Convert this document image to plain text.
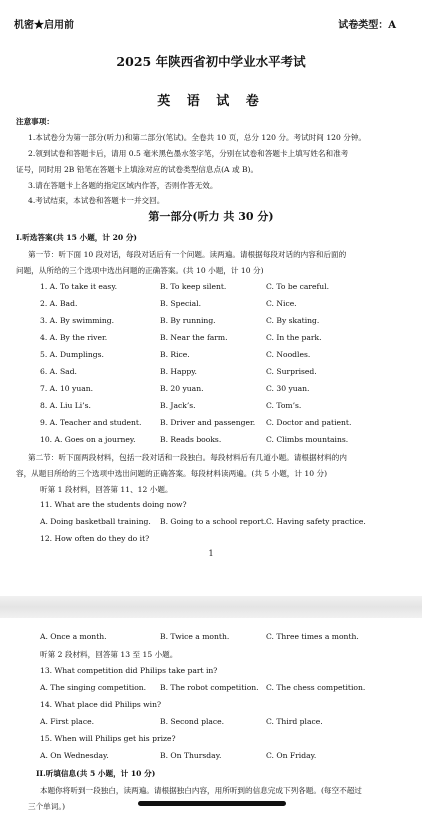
机密★启用前	试卷类型：A
2025 年陕西省初中学业水平考试
英 语 试 卷
注意事项：
1.本试卷分为第一部分(听力)和第二部分(笔试)。全卷共 10 页，总分 120 分。考试时间 120 分钟。
2.领到试卷和答题卡后，请用 0.5 毫米黑色墨水签字笔，分别在试卷和答题卡上填写姓名和准考
证号，同时用 2B 铅笔在答题卡上填涂对应的试卷类型信息点(A 或 B)。
3.请在答题卡上各题的指定区域内作答，否则作答无效。
4.考试结束，本试卷和答题卡一并交回。
第一部分(听力 共 30 分)
I.听选答案(共 15 小题，计 20 分)
第一节：听下面 10 段对话，每段对话后有一个问题。读两遍。请根据每段对话的内容和后面的
问题，从所给的三个选项中选出问题的正确答案。(共 10 小题，计 10 分)
1. A. To take it easy.	B. To keep silent.	C. To be careful.
2. A. Bad.	B. Special.	C. Nice.
3. A. By swimming.	B. By running.	C. By skating.
4. A. By the river.	B. Near the farm.	C. In the park.
5. A. Dumplings.	B. Rice.	C. Noodles.
6. A. Sad.	B. Happy.	C. Surprised.
7. A. 10 yuan.	B. 20 yuan.	C. 30 yuan.
8. A. Liu Li’s.	B. Jack’s.	C. Tom’s.
9. A. Teacher and student. B. Driver and passenger. C. Doctor and patient.
10. A. Goes on a journey.	B. Reads books.	C. Climbs mountains.
第二节：听下面两段材料，包括一段对话和一段独白。每段材料后有几道小题。请根据材料的内
容，从题目所给的三个选项中选出问题的正确答案。每段材料读两遍。(共 5 小题，计 10 分)
听第 1 段材料，回答第 11、12 小题。
11. What are the students doing now?
A. Doing basketball training. B. Going to a school report. C. Having safety practice.
12. How often do they do it?
1
A. Once a month.	B. Twice a month.	C. Three times a month.
听第 2 段材料，回答第 13 至 15 小题。
13. What competition did Philips take part in?
A. The singing competition. B. The robot competition. C. The chess competition.
14. What place did Philips win?
A. First place.	B. Second place.	C. Third place.
15. When will Philips get his prize?
A. On Wednesday.	B. On Thursday.	C. On Friday.
II.听填信息(共 5 小题，计 10 分)
本题你将听到一段独白，读两遍。请根据独白内容，用所听到的信息完成下列各题。(每空不超过
三个单词。)
